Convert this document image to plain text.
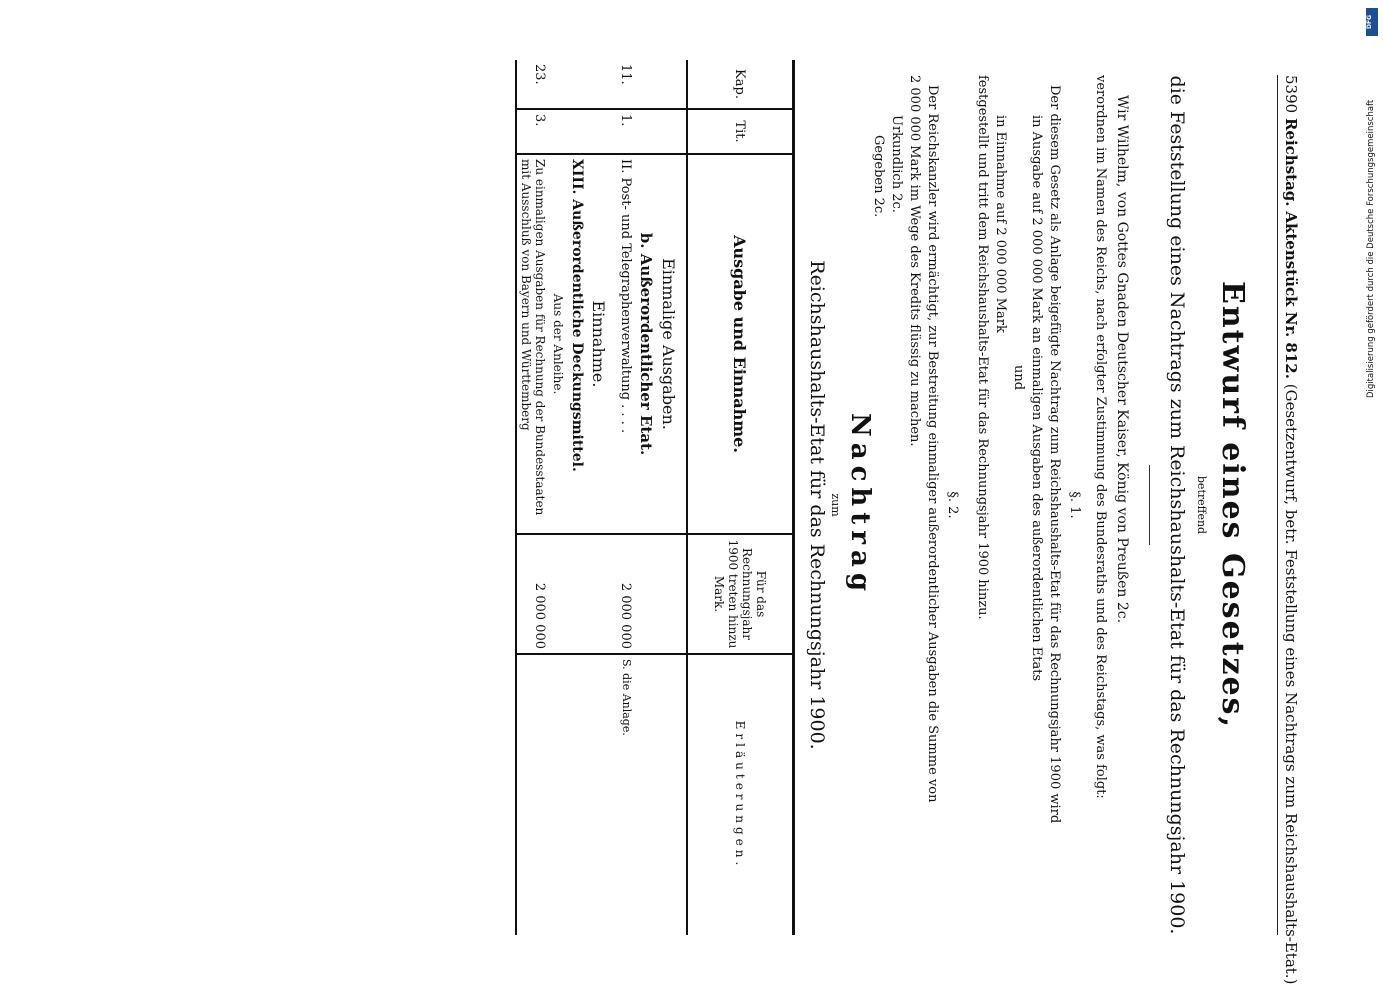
DFG
Digitalisierung gefördert durch die Deutsche Forschungsgemeinschaft
5390 Reichstag. Aktenstück Nr. 812. (Gesetzentwurf, betr. Feststellung eines Nachtrags zum Reichshaushalts-Etat.)
Entwurf eines Gesetzes,
betreffend
die Feststellung eines Nachtrags zum Reichshaushalts-Etat für das Rechnungsjahr 1900.
Wir Wilhelm, von Gottes Gnaden Deutscher Kaiser, König von Preußen 2c.
verordnen im Namen des Reichs, nach erfolgter Zustimmung des Bundesraths und des Reichstags, was folgt:
§. 1.
Der diesem Gesetz als Anlage beigefügte Nachtrag zum Reichshaushalts-Etat für das Rechnungsjahr 1900 wird
in Ausgabe auf 2 000 000 Mark an einmaligen Ausgaben des außerordentlichen Etats
und
in Einnahme auf 2 000 000 Mark
festgestellt und tritt dem Reichshaushalts-Etat für das Rechnungsjahr 1900 hinzu.
§. 2.
Der Reichskanzler wird ermächtigt, zur Bestreitung einmaliger außerordentlicher Ausgaben die Summe von
2 000 000 Mark im Wege des Kredits flüssig zu machen.
Urkundlich 2c.
Gegeben 2c.
Nachtrag
zum
Reichshaushalts-Etat für das Rechnungsjahr 1900.
Kap.	Tit.	Ausgabe und Einnahme.	Für das Rechnungsjahr 1900 treten hinzu Mark.	Erläuterungen.
		Einmalige Ausgaben.		
		b. Außerordentlicher Etat.		
11.	1.	II. Post- und Telegraphenverwaltung . . . .	2 000 000	S. die Anlage.
		Einnahme.		
		XIII. Außerordentliche Deckungsmittel.		
		Aus der Anleihe.		
23.	3.	Zu einmaligen Ausgaben für Rechnung der Bundesstaaten mit Ausschluß von Bayern und Württemberg	2 000 000	
